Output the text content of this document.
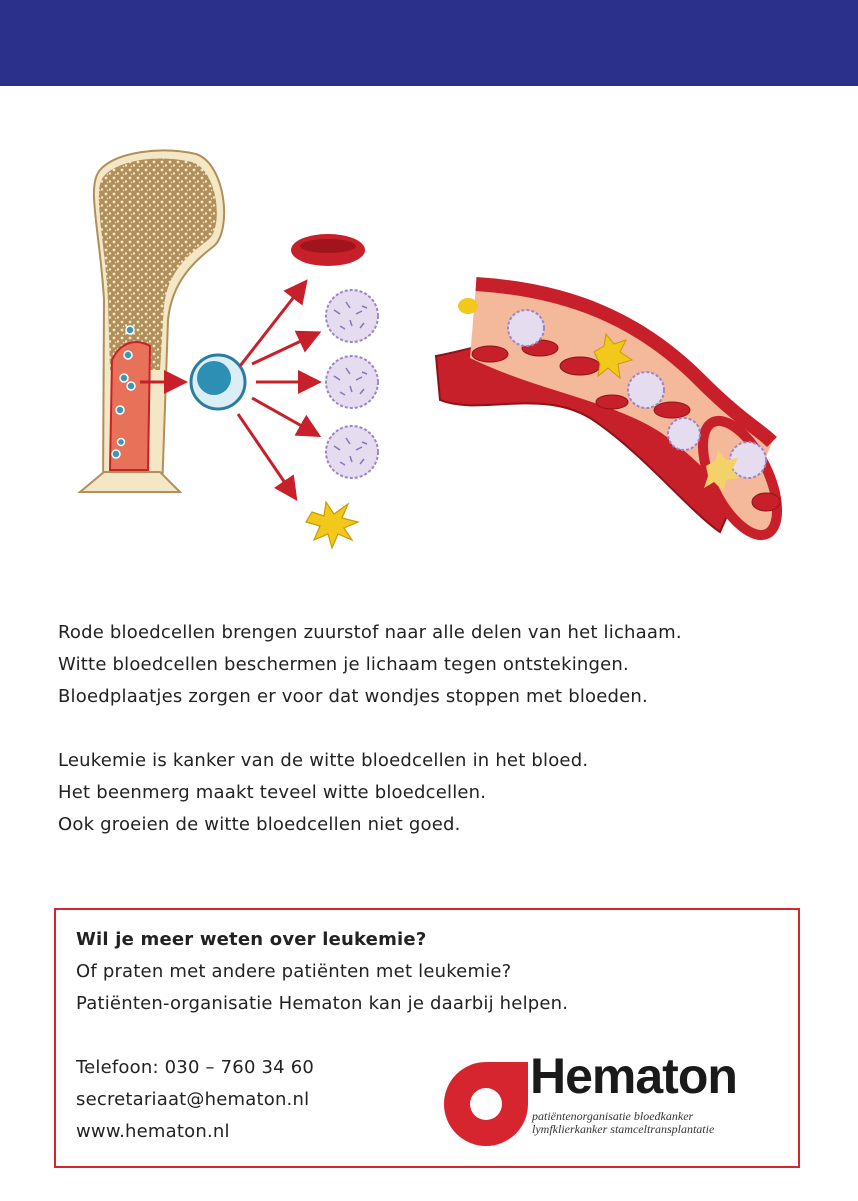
Rode bloedcellen brengen zuurstof naar alle delen van het lichaam.

Witte bloedcellen beschermen je lichaam tegen ontstekingen.

Bloedplaatjes zorgen er voor dat wondjes stoppen met bloeden.

Leukemie is kanker van de witte bloedcellen in het bloed.

Het beenmerg maakt teveel witte bloedcellen.

Ook groeien de witte bloedcellen niet goed.

Wil je meer weten over leukemie?

Of praten met andere patiënten met leukemie?

Patiënten-organisatie Hematon kan je daarbij helpen.

Telefoon: 030 – 760 34 60

secretariaat@hematon.nl

www.hematon.nl

Hematon
patiëntenorganisatie bloedkanker
lymfklierkanker stamceltransplantatie
